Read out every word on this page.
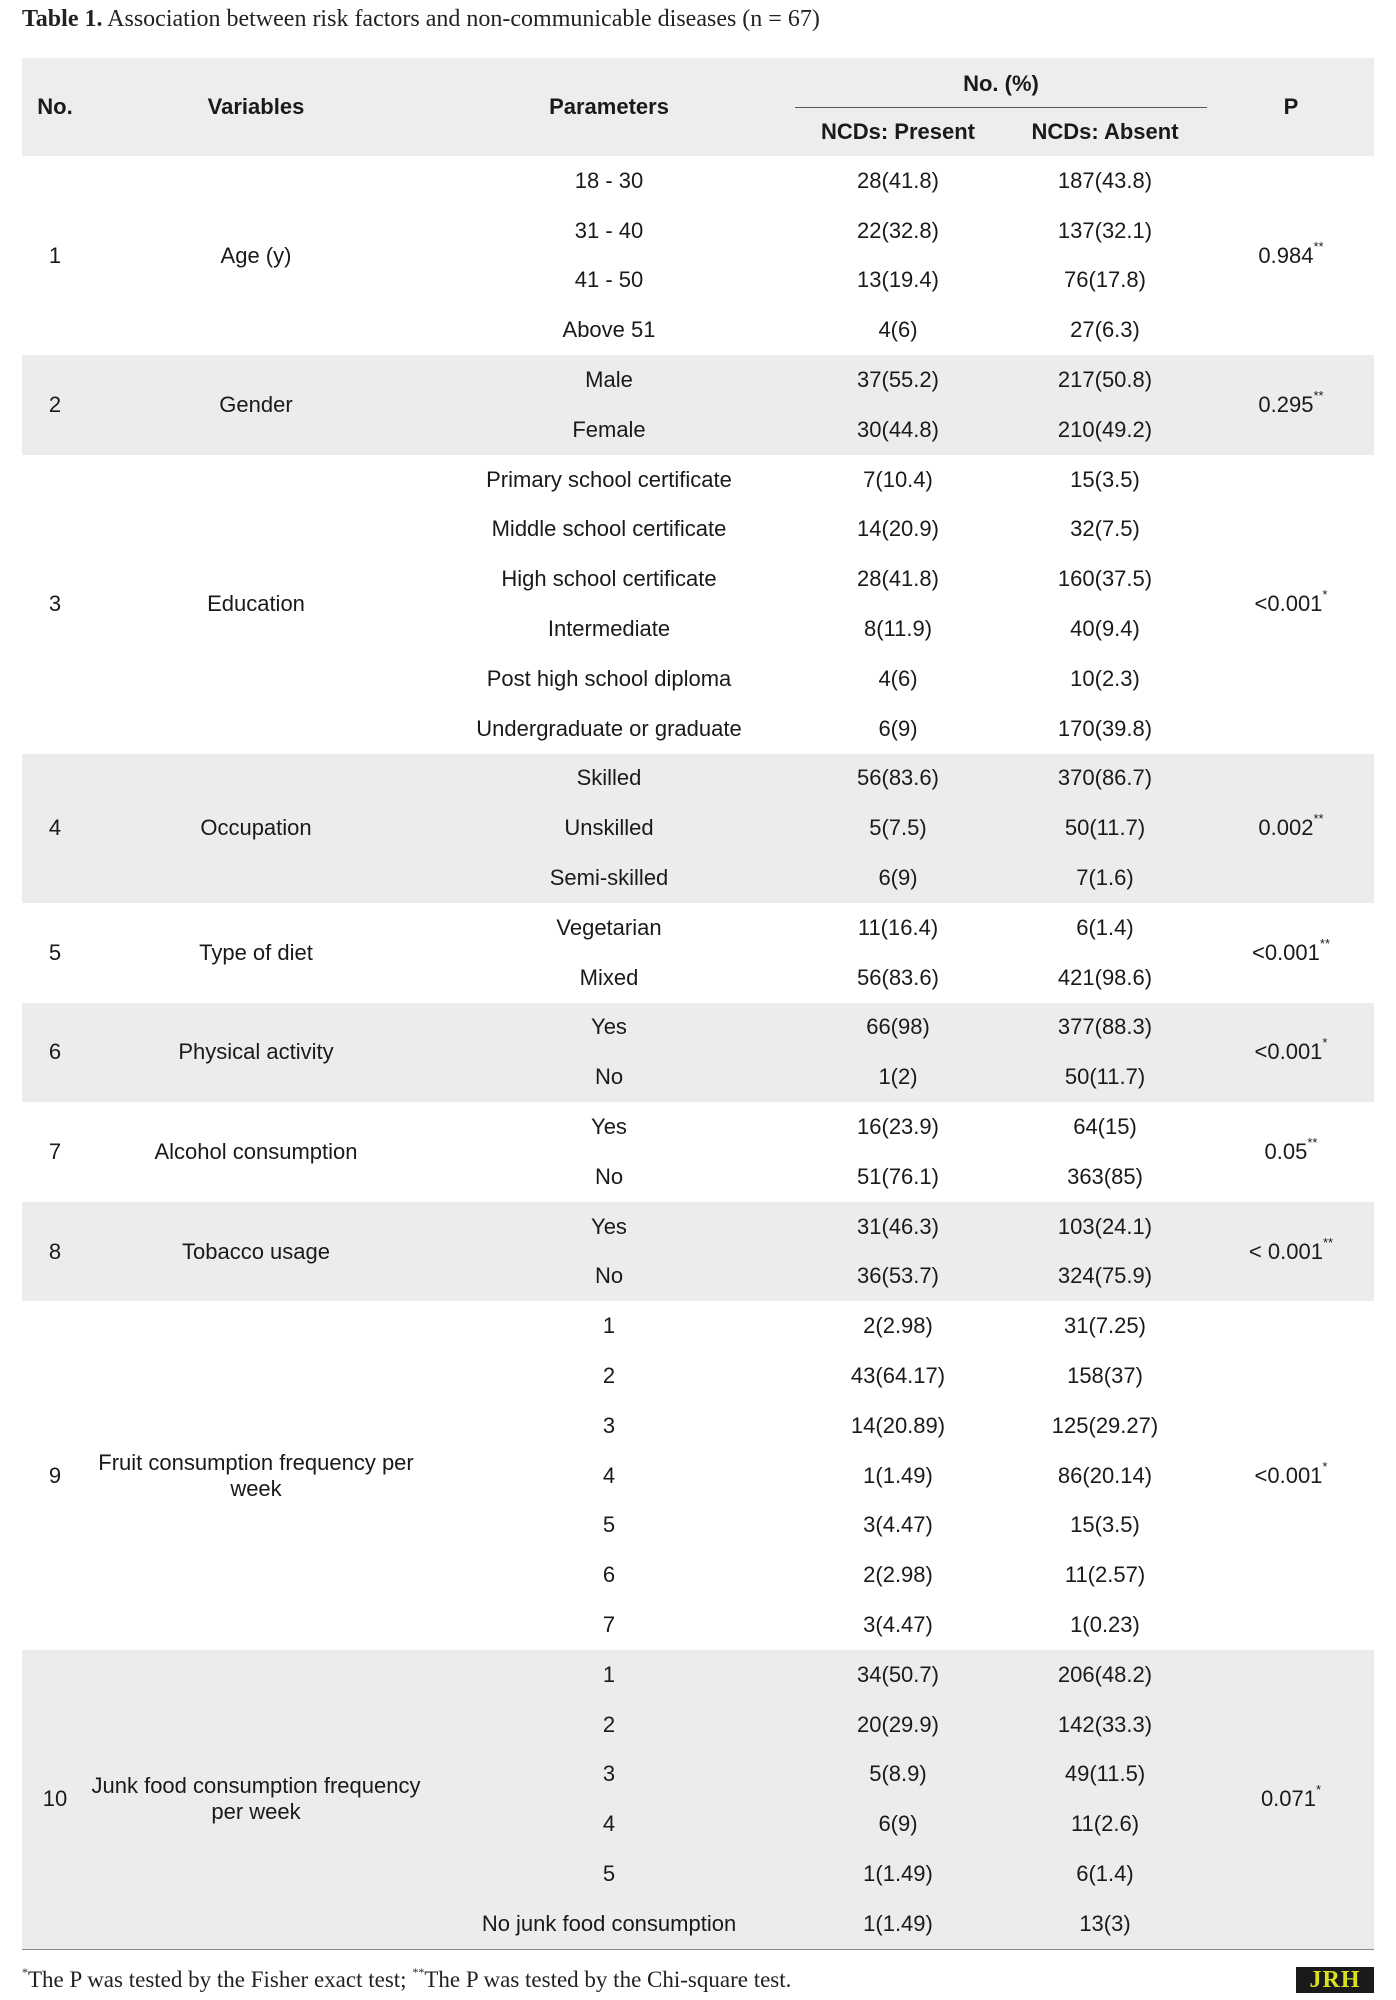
Table 1. Association between risk factors and non-communicable diseases (n = 67)
No.	Variables	Parameters	No. (%)		P
			NCDs: Present	NCDs: Absent	
1	Age (y)	18 - 30	28(41.8)	187(43.8)	0.984**
		31 - 40	22(32.8)	137(32.1)	
		41 - 50	13(19.4)	76(17.8)	
		Above 51	4(6)	27(6.3)	
2	Gender	Male	37(55.2)	217(50.8)	0.295**
		Female	30(44.8)	210(49.2)	
3	Education	Primary school certificate	7(10.4)	15(3.5)	<0.001*
		Middle school certificate	14(20.9)	32(7.5)	
		High school certificate	28(41.8)	160(37.5)	
		Intermediate	8(11.9)	40(9.4)	
		Post high school diploma	4(6)	10(2.3)	
		Undergraduate or graduate	6(9)	170(39.8)	
4	Occupation	Skilled	56(83.6)	370(86.7)	0.002**
		Unskilled	5(7.5)	50(11.7)	
		Semi-skilled	6(9)	7(1.6)	
5	Type of diet	Vegetarian	11(16.4)	6(1.4)	<0.001**
		Mixed	56(83.6)	421(98.6)	
6	Physical activity	Yes	66(98)	377(88.3)	<0.001*
		No	1(2)	50(11.7)	
7	Alcohol consumption	Yes	16(23.9)	64(15)	0.05**
		No	51(76.1)	363(85)	
8	Tobacco usage	Yes	31(46.3)	103(24.1)	< 0.001**
		No	36(53.7)	324(75.9)	
9	Fruit consumption frequency per week	1	2(2.98)	31(7.25)	<0.001*
		2	43(64.17)	158(37)	
		3	14(20.89)	125(29.27)	
		4	1(1.49)	86(20.14)	
		5	3(4.47)	15(3.5)	
		6	2(2.98)	11(2.57)	
		7	3(4.47)	1(0.23)	
10	Junk food consumption frequency per week	1	34(50.7)	206(48.2)	0.071*
		2	20(29.9)	142(33.3)	
		3	5(8.9)	49(11.5)	
		4	6(9)	11(2.6)	
		5	1(1.49)	6(1.4)	
		No junk food consumption	1(1.49)	13(3)	
*The P was tested by the Fisher exact test; **The P was tested by the Chi-square test.	JRH
